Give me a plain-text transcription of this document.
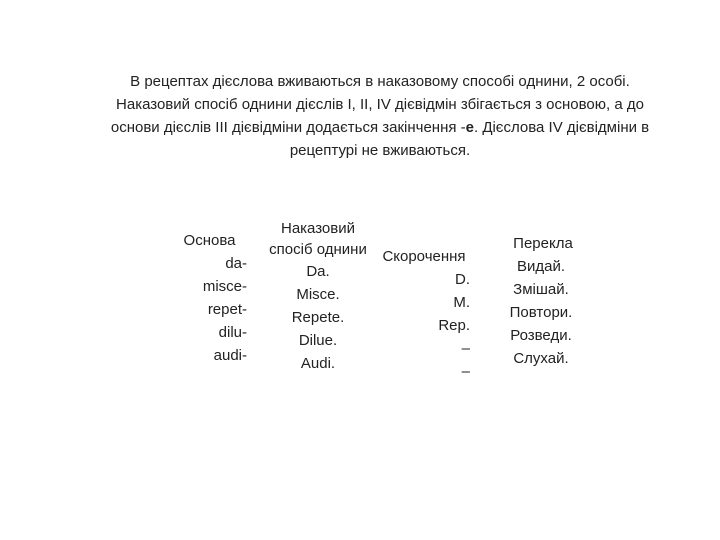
В рецептах дієслова вживаються в наказовому способі однини, 2 особі.
Наказовий спосіб однини дієслів І, ІІ, ІV дієвідмін збігається з основою, а до
основи дієслів ІІІ дієвідміни додається закінчення -е. Дієслова ІV дієвідміни в
рецептурі не вживаються.
Основа
da-
misce-
repet-
dilu-
audi-
Наказовий
спосіб однини
Da.
Misce.
Repete.
Dilue.
Audi.
Скорочення
D.
M.
Rep.
–
–
Перекла
Видай.
Змішай.
Повтори.
Розведи.
Слухай.
